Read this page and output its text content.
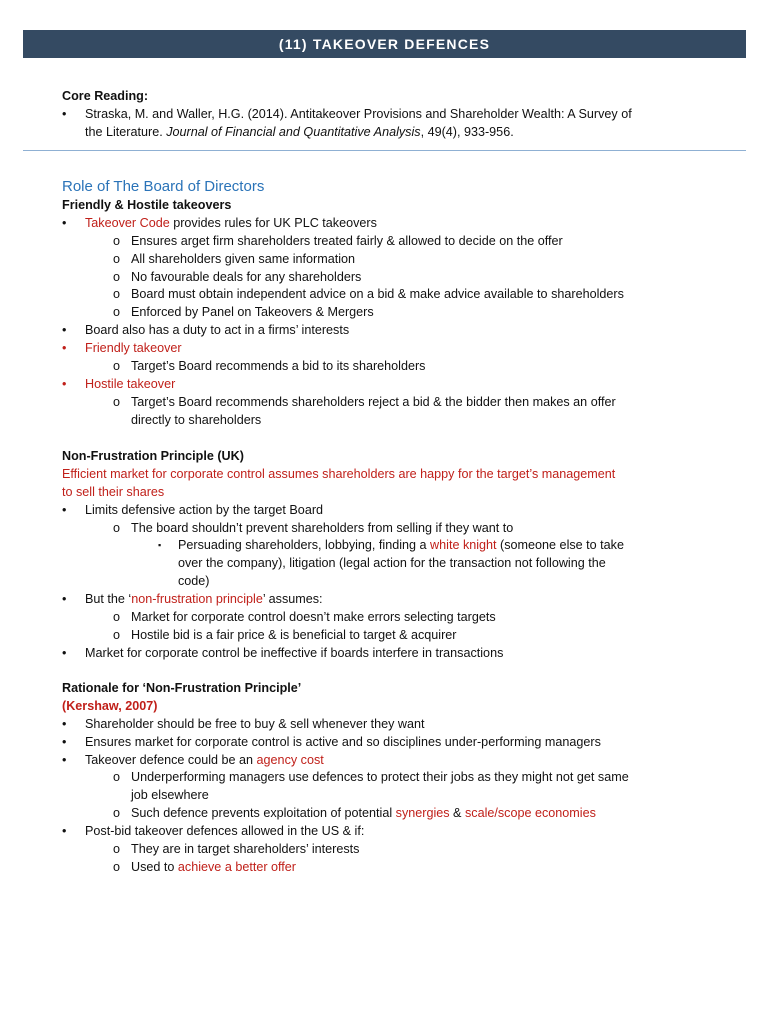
(11) TAKEOVER DEFENCES
Core Reading:
• Straska, M. and Waller, H.G. (2014). Antitakeover Provisions and Shareholder Wealth: A Survey of
the Literature. Journal of Financial and Quantitative Analysis, 49(4), 933-956.
Role of The Board of Directors
Friendly & Hostile takeovers
• Takeover Code provides rules for UK PLC takeovers
o Ensures arget firm shareholders treated fairly & allowed to decide on the offer
o All shareholders given same information
o No favourable deals for any shareholders
o Board must obtain independent advice on a bid & make advice available to shareholders
o Enforced by Panel on Takeovers & Mergers
• Board also has a duty to act in a firms’ interests
• Friendly takeover
o Target’s Board recommends a bid to its shareholders
• Hostile takeover
o Target’s Board recommends shareholders reject a bid & the bidder then makes an offer
directly to shareholders
Non-Frustration Principle (UK)
Efficient market for corporate control assumes shareholders are happy for the target’s management
to sell their shares
• Limits defensive action by the target Board
o The board shouldn’t prevent shareholders from selling if they want to
▪ Persuading shareholders, lobbying, finding a white knight (someone else to take
over the company), litigation (legal action for the transaction not following the
code)
• But the ‘non-frustration principle’ assumes:
o Market for corporate control doesn’t make errors selecting targets
o Hostile bid is a fair price & is beneficial to target & acquirer
• Market for corporate control be ineffective if boards interfere in transactions
Rationale for ‘Non-Frustration Principle’
(Kershaw, 2007)
• Shareholder should be free to buy & sell whenever they want
• Ensures market for corporate control is active and so disciplines under-performing managers
• Takeover defence could be an agency cost
o Underperforming managers use defences to protect their jobs as they might not get same
job elsewhere
o Such defence prevents exploitation of potential synergies & scale/scope economies
• Post-bid takeover defences allowed in the US & if:
o They are in target shareholders’ interests
o Used to achieve a better offer
